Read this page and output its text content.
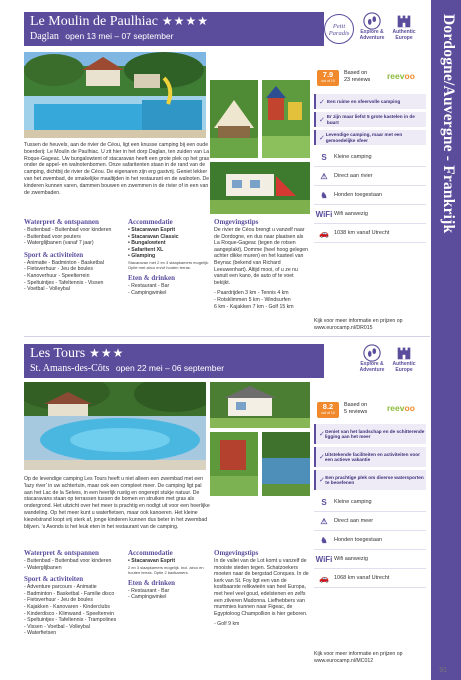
Dordogne/Auvergne - Frankrijk
Le Moulin de Paulhiac ★★★★
Daglan open 13 mei – 07 september
Petit
Paradis	Explore &
Adventure
Authentic
Europe
7.9
out of 10
Based on
23 reviews	reevoo
✓ Een ruime en sfeervolle camping
✓ Er zijn maar liefst 5 grote kastelen in de buurt
✓ Levendige camping, maar met een gemoedelijke sfeer
S	Kleine camping
⚠	Direct aan rivier
♞	Honden toegestaan
WiFi Wifi aanwezig
🚗 1038 km vanaf Utrecht
Tussen de heuvels, aan de rivier de Céou, ligt een knusse camping bij een oude boerderij: Le Moulin de Paulhiac. U zit hier in het dorp Daglan, ten zuiden van La Roque-Gageac. Uw bungalowtent of stacaravan heeft een grote plek op het gras onder de appel- en walnotenbomen. Onze safaritenten staan in de rand van de camping, dichtbij de rivier de Céou. De eigenaren zijn erg gastvrij. Geniet lekker van het zwembad, de smakelijke maaltijden in het restaurant en de walnoten. De kinderen kunnen varen, dammen bouwen en zwemmen in de rivier of in een van de zwembaden.
Waterpret & ontspannen
- Buitenbad - Buitenbad voor kinderen
- Buitenbad voor peuters
- Waterglijbanen (vanaf 7 jaar)
Sport & activiteiten
- Animatie - Badminton - Basketbal
- Fietsverhuur - Jeu de boules
- Kanoverhuur - Speelterrein
- Speltuintjes - Tafeltennis - Vissen
- Voetbal - Volleybal
Accommodatie
• Stacaravan Esprit
• Stacaravan Classic
• Bungalowtent
• Safaritent XL
• Glamping
Stacaravan met 2 en 3 slaapkamers mogelijk. Optie met airco en/of houten terras.
Eten & drinken
- Restaurant - Bar
- Campingwinkel
Omgevingstips
De rivier de Céou brengt u vanzelf naar de Dordogne, en dus naar plaatsen als La Roque-Gageac (tegen de rotsen aangeplakt), Domme (heel hoog gelegen achter dikke muren) en het kasteel van Beynac (bekend van Richard Leeuwenhart). Altijd mooi, of u ze nu vanuit een kano, de auto of te voet bekijkt.
- Paardrijden 3 km - Tennis 4 km
- Rotsklimmen 5 km - Windsurfen
6 km - Kajakken 7 km - Golf 15 km
Kijk voor meer informatie en prijzen op
www.eurocamp.nl/DR015
Les Tours ★★★
St. Amans-des-Côts open 22 mei – 06 september	Explore &
Adventure
Authentic
Europe
8.2
out of 10
Based on
5 reviews	reevoo
✓ Geniet van het landschap en de schitterende ligging aan het meer
✓ Uitstekende faciliteiten en activiteiten voor een actieve vakantie
✓ Een prachtige plek om diverse watersporten te beoefenen
S	Kleine camping
⚠	Direct aan meer
♞	Honden toegestaan
WiFi Wifi aanwezig
🚗 1068 km vanaf Utrecht
Op de levendige camping Les Tours heeft u niet alleen een zwembad met een 'lazy river' in uw achtertuin, maar ook een compleet meer. De camping ligt pal aan het Lac de la Selves, in een heerlijk rustig en ongerept stukje natuur. De stacaravans staan op terrassen tussen de bomen en struiken met gras als ondergrond. Het uitzicht over het meer is prachtig en nodigt uit voor een heerlijke wandeling. Op het meer kunt u waterfietsen, maar ook kanoeren. Het kleine kiezelstrand loopt vrij sterk af, jonge kinderen kunnen dus beter in het zwembad blijven. 's Avonds is het leuk eten in het restaurant van de camping.
Waterpret & ontspannen
- Buitenbad - Buitenbad voor kinderen
- Waterglijbanen
Sport & activiteiten
- Adventure parcours - Animatie
- Badminton - Basketbal - Familie disco
- Fietsverhuur - Jeu de boules
- Kajakken - Kanovaren - Kinderclubs
- Kinderdisco - Klimwand - Speelterrein
- Speltuintjes - Tafeltennis - Trampolines
- Vissen - Voetbal - Volleybal
- Waterfietsen
Accommodatie
• Stacaravan Esprit
2 en 3 slaapkamers mogelijk. Incl. airco en houten terras. Optie 2 badkamers.
Eten & drinken
- Restaurant - Bar
- Campingwinkel
Omgevingstips
In de vallei van de Lot komt u vanzelf de mooiste steden tegen. Schatzoekers moeten naar de bergstad Conques. In de kerk van St. Foy ligt een van de kostbaarste relikwieën van heel Europa, met heel veel goud, edelstenen en zelfs een zilveren Madonna. Liefhebbers van mummies kunnen naar Figeac, de Egyptoloog Champollion is hier geboren.
- Golf 9 km
Kijk voor meer informatie en prijzen op
www.eurocamp.nl/MC012
91
